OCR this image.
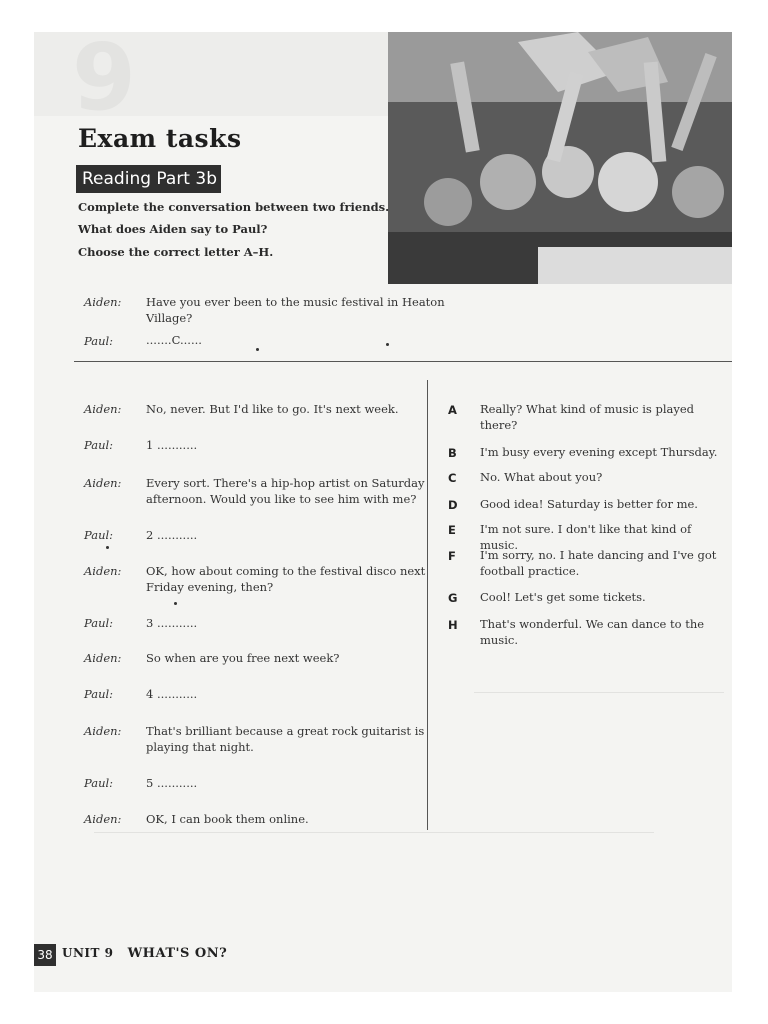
9
Exam tasks
Reading Part 3b

Complete the conversation between two friends.

What does Aiden say to Paul?

Choose the correct letter A–H.

Aiden: Have you ever been to the music festival in Heaton
Village?
Paul:	.......C......
Aiden: No, never. But I'd like to go. It's next week.
Paul:	1 ...........
Aiden: Every sort. There's a hip-hop artist on Saturday
afternoon. Would you like to see him with me?
Paul:	2 ...........
Aiden: OK, how about coming to the festival disco next
Friday evening, then?
Paul:	3 ...........
Aiden: So when are you free next week?
Paul:	4 ...........
Aiden: That's brilliant because a great rock guitarist is
playing that night.
Paul:	5 ...........
Aiden: OK, I can book them online.
A Really? What kind of music is played
there?
B I'm busy every evening except Thursday.
C No. What about you?
D Good idea! Saturday is better for me.
E I'm not sure. I don't like that kind of music.
F I'm sorry, no. I hate dancing and I've got
football practice.
G Cool! Let's get some tickets.
H That's wonderful. We can dance to the
music.
38 UNIT 9 WHAT'S ON?
